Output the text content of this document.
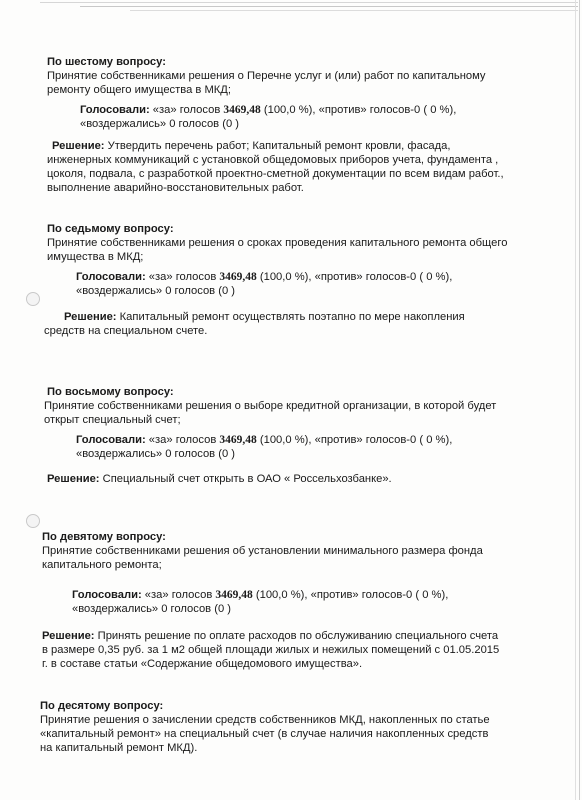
По шестому вопросу:
Принятие собственниками решения о Перечне услуг и (или) работ по капитальному
ремонту общего имущества в МКД;
Голосовали: «за» голосов 3469,48 (100,0 %), «против» голосов-0 ( 0 %),
«воздержались» 0 голосов (0 )
Решение: Утвердить перечень работ; Капитальный ремонт кровли, фасада,
инженерных коммуникаций с установкой общедомовых приборов учета, фундамента ,
цоколя, подвала, с разработкой проектно-сметной документации по всем видам работ.,
выполнение аварийно-восстановительных работ.
По седьмому вопросу:
Принятие собственниками решения о сроках проведения капитального ремонта общего
имущества в МКД;
Голосовали: «за» голосов 3469,48 (100,0 %), «против» голосов-0 ( 0 %),
«воздержались» 0 голосов (0 )
Решение: Капитальный ремонт осуществлять поэтапно по мере накопления
средств на специальном счете.
По восьмому вопросу:
Принятие собственниками решения о выборе кредитной организации, в которой будет
открыт специальный счет;
Голосовали: «за» голосов 3469,48 (100,0 %), «против» голосов-0 ( 0 %),
«воздержались» 0 голосов (0 )
Решение: Специальный счет открыть в ОАО « Россельхозбанке».
По девятому вопросу:
Принятие собственниками решения об установлении минимального размера фонда
капитального ремонта;
Голосовали: «за» голосов 3469,48 (100,0 %), «против» голосов-0 ( 0 %),
«воздержались» 0 голосов (0 )
Решение: Принять решение по оплате расходов по обслуживанию специального счета
в размере 0,35 руб. за 1 м2 общей площади жилых и нежилых помещений с 01.05.2015
г. в составе статьи «Содержание общедомового имущества».
По десятому вопросу:
Принятие решения о зачислении средств собственников МКД, накопленных по статье
«капитальный ремонт» на специальный счет (в случае наличия накопленных средств
на капитальный ремонт МКД).
